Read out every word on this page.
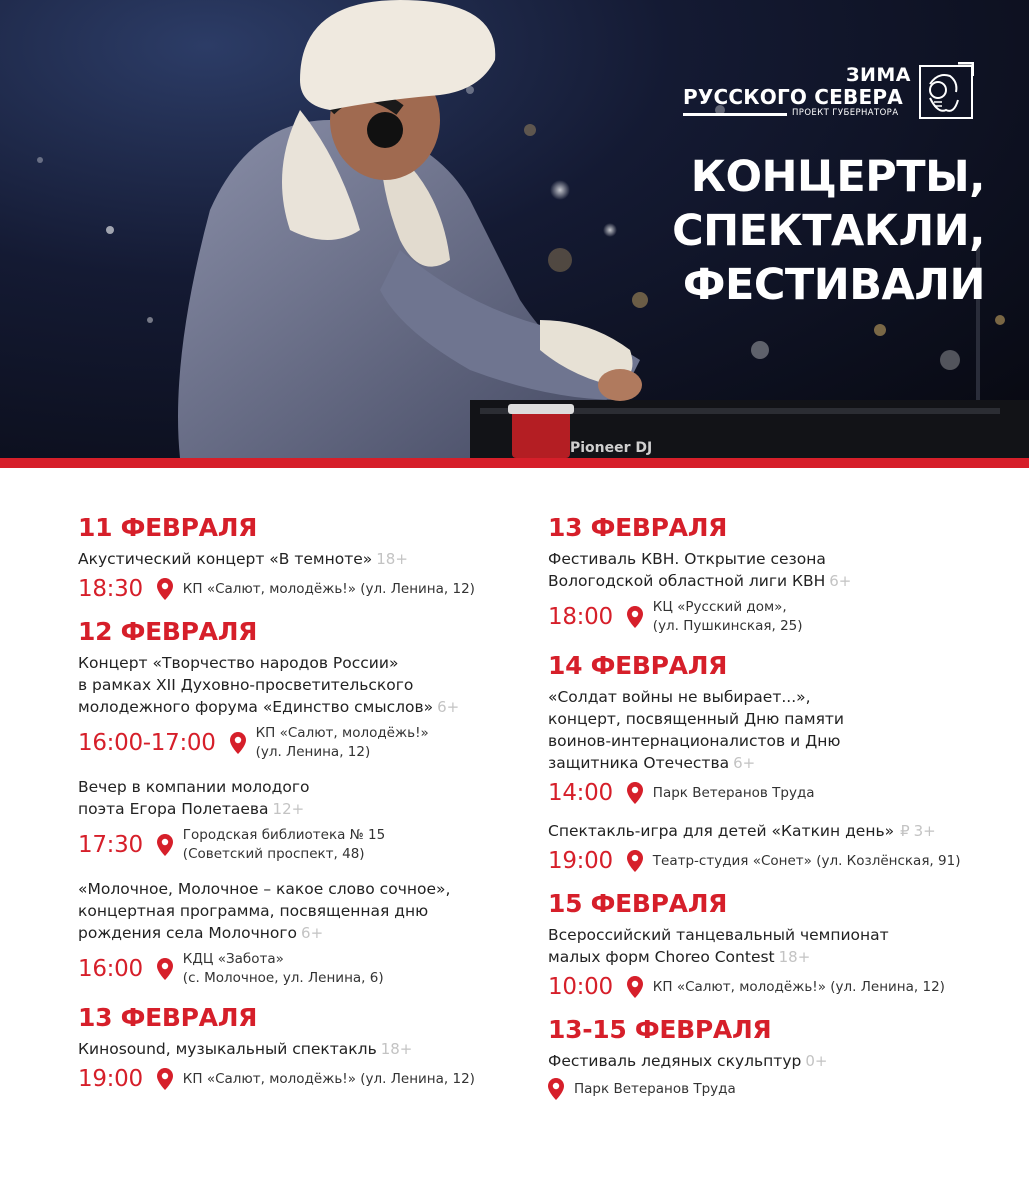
Pioneer DJ
ЗИМА
РУССКОГО СЕВЕРА
ПРОЕКТ ГУБЕРНАТОРА
КОНЦЕРТЫ,
СПЕКТАКЛИ,
ФЕСТИВАЛИ
11 ФЕВРАЛЯ
Акустический концерт «В темноте» 18+
18:30	КП «Салют, молодёжь!» (ул. Ленина, 12)
12 ФЕВРАЛЯ
Концерт «Творчество народов России»
в рамках XII Духовно-просветительского
молодежного форума «Единство смыслов» 6+
16:00-17:00	КП «Салют, молодёжь!»
(ул. Ленина, 12)
Вечер в компании молодого
поэта Егора Полетаева 12+
17:30	Городская библиотека № 15
(Советский проспект, 48)
«Молочное, Молочное – какое слово сочное»,
концертная программа, посвященная дню
рождения села Молочного 6+
16:00	КДЦ «Забота»
(с. Молочное, ул. Ленина, 6)
13 ФЕВРАЛЯ
Киноsound, музыкальный спектакль 18+
19:00	КП «Салют, молодёжь!» (ул. Ленина, 12)
13 ФЕВРАЛЯ
Фестиваль КВН. Открытие сезона
Вологодской областной лиги КВН 6+
18:00	КЦ «Русский дом»,
(ул. Пушкинская, 25)
14 ФЕВРАЛЯ
«Солдат войны не выбирает...»,
концерт, посвященный Дню памяти
воинов-интернационалистов и Дню
защитника Отечества 6+
14:00	Парк Ветеранов Труда
Спектакль-игра для детей «Каткин день» ₽ 3+
19:00	Театр-студия «Сонет» (ул. Козлёнская, 91)
15 ФЕВРАЛЯ
Всероссийский танцевальный чемпионат
малых форм Choreo Contest 18+
10:00	КП «Салют, молодёжь!» (ул. Ленина, 12)
13-15 ФЕВРАЛЯ
Фестиваль ледяных скульптур 0+
Парк Ветеранов Труда
